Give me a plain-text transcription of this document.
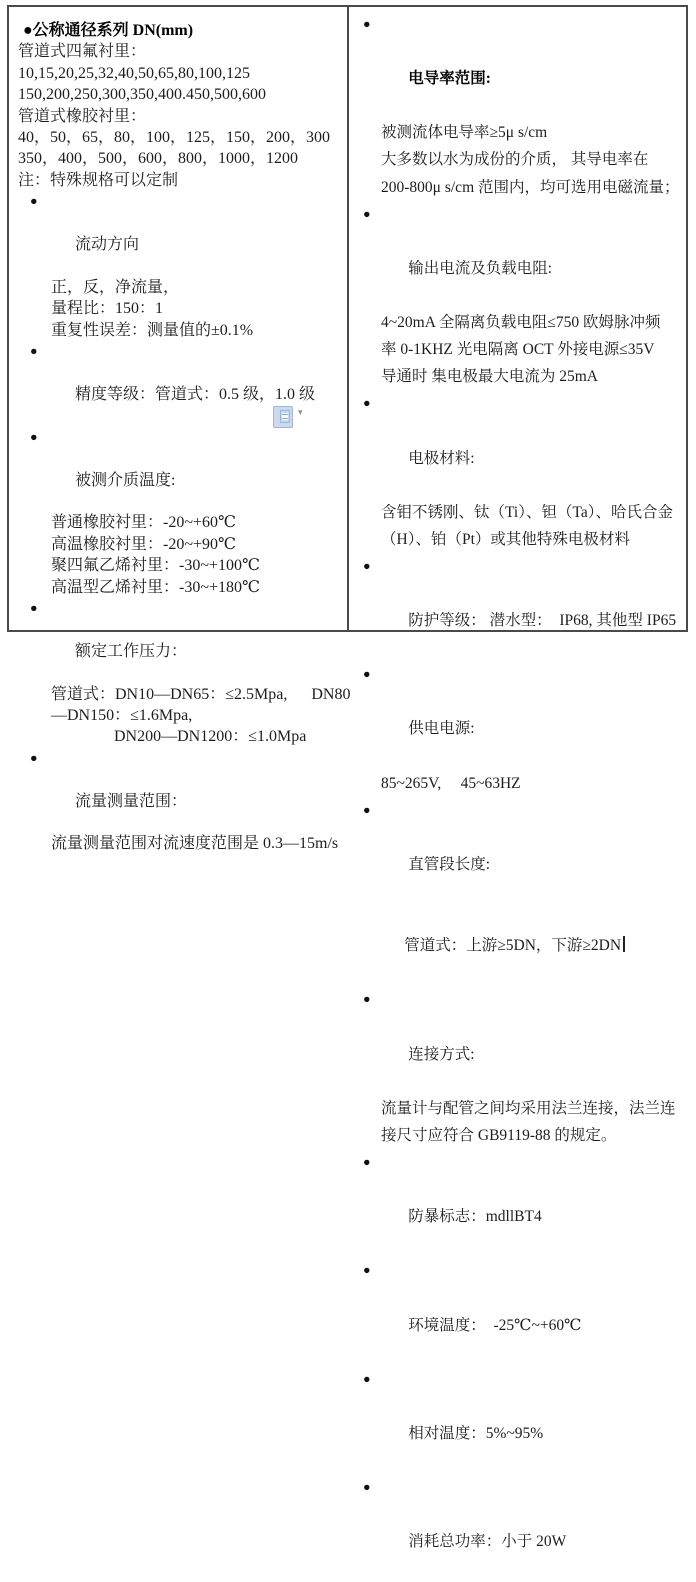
●公称通径系列 DN(mm)
管道式四氟衬里：
10,15,20,25,32,40,50,65,80,100,125
150,200,250,300,350,400.450,500,600
管道式橡胶衬里：
40，50，65，80，100，125，150，200，300
350，400，500，600，800，1000，1200
注：特殊规格可以定制

●

流动方向

正，反，净流量，
量程比：150：1
重复性误差：测量值的±0.1%

●

精度等级：管道式：0.5 级，1.0 级

●

被测介质温度:

普通橡胶衬里：-20~+60℃
高温橡胶衬里：-20~+90℃
聚四氟乙烯衬里：-30~+100℃
高温型乙烯衬里：-30~+180℃

●

额定工作压力：

管道式：DN10—DN65：≤2.5Mpa,      DN80
—DN150：≤1.6Mpa,
DN200—DN1200：≤1.0Mpa

●

流量测量范围：

流量测量范围对流速度范围是 0.3—15m/s
▾

●

电导率范围:

被测流体电导率≥5μ s/cm
大多数以水为成份的介质， 其导电率在
200-800μ s/cm 范围内，均可选用电磁流量；

●

输出电流及负载电阻:

4~20mA 全隔离负载电阻≤750 欧姆脉冲频
率 0-1KHZ 光电隔离 OCT 外接电源≤35V
导通时 集电极最大电流为 25mA

●

电极材料:

含钼不锈刚、钛（Ti）、钽（Ta）、哈氏合金
（H）、铂（Pt）或其他特殊电极材料

●

防护等级： 潜水型：  IP68, 其他型 IP65

●

供电电源:

85~265V,     45~63HZ

●

直管段长度:

管道式：上游≥5DN，下游≥2DN

●

连接方式:

流量计与配管之间均采用法兰连接，法兰连
接尺寸应符合 GB9119-88 的规定。

●

防暴标志：mdllBT4

●

环境温度：  -25℃~+60℃

●

相对温度：5%~95%

●

消耗总功率：小于 20W
